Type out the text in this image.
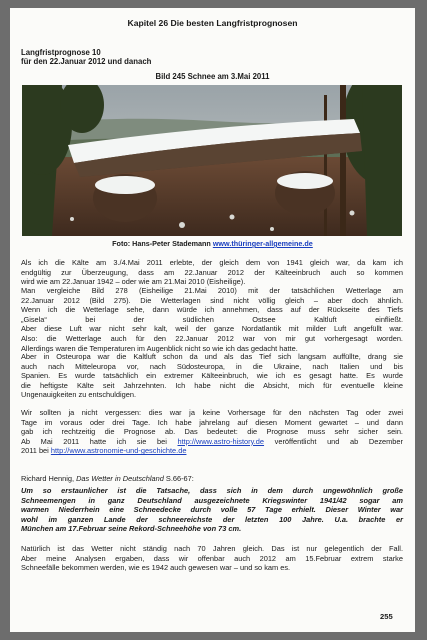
Kapitel 26 Die besten Langfristprognosen
Langfristprognose 10
für den 22.Januar 2012 und danach
Bild 245 Schnee am 3.Mai 2011
Foto: Hans-Peter Stademann www.thüringer-allgemeine.de
Als ich die Kälte am 3./4.Mai 2011 erlebte, der gleich dem von 1941 gleich war, da kam ich
endgültig zur Überzeugung, dass am 22.Januar 2012 der Kälteeinbruch auch so kommen
wird wie am 22.Januar 1942 – oder wie am 21.Mai 2010 (Eisheilige).
Man vergleiche Bild 278 (Eisheilige 21.Mai 2010) mit der tatsächlichen Wetterlage am
22.Januar 2012 (Bild 275). Die Wetterlagen sind nicht völlig gleich – aber doch ähnlich.
Wenn ich die Wetterlage sehe, dann würde ich annehmen, dass auf der Rückseite des Tiefs
„Gisela“ bei der südlichen Ostsee Kaltluft einfließt.
Aber diese Luft war nicht sehr kalt, weil der ganze Nordatlantik mit milder Luft angefüllt war.
Also: die Wetterlage auch für den 22.Januar 2012 war von mir gut vorhergesagt worden.
Allerdings waren die Temperaturen im Augenblick nicht so wie ich das gedacht hatte.
Aber in Osteuropa war die Kaltluft schon da und als das Tief sich langsam auffüllte, drang sie
auch nach Mitteleuropa vor, nach Südosteuropa, in die Ukraine, nach Italien und bis
Spanien. Es wurde tatsächlich ein extremer Kälteeinbruch, wie ich es gesagt hatte. Es wurde
die heftigste Kälte seit Jahrzehnten. Ich habe nicht die Absicht, mich für eventuelle kleine
Ungenauigkeiten zu entschuldigen.
Wir sollten ja nicht vergessen: dies war ja keine Vorhersage für den nächsten Tag oder zwei
Tage im voraus oder drei Tage. Ich habe jahrelang auf diesen Moment gewartet – und dann
gab ich rechtzeitig die Prognose ab. Das bedeutet: die Prognose muss sehr sicher sein.
Ab Mai 2011 hatte ich sie bei http://www.astro-history.de veröffentlicht und ab Dezember
2011 bei http://www.astronomie-und-geschichte.de
Richard Hennig, Das Wetter in Deutschland S.66-67:
Um so erstaunlicher ist die Tatsache, dass sich in dem durch ungewöhnlich große
Schneemengen in ganz Deutschland ausgezeichnete Kriegswinter 1941/42 sogar am
warmen Niederrhein eine Schneedecke durch volle 57 Tage erhielt. Dieser Winter war
wohl im ganzen Lande der schneereichste der letzten 100 Jahre. U.a. brachte er
München am 17.Februar seine Rekord-Schneehöhe von 73 cm.
Natürlich ist das Wetter nicht ständig nach 70 Jahren gleich. Das ist nur gelegentlich der Fall.
Aber meine Analysen ergaben, dass wir offenbar auch 2012 am 15.Februar extrem starke
Schneefälle bekommen werden, wie es 1942 auch gewesen war – und so kam es.
255
